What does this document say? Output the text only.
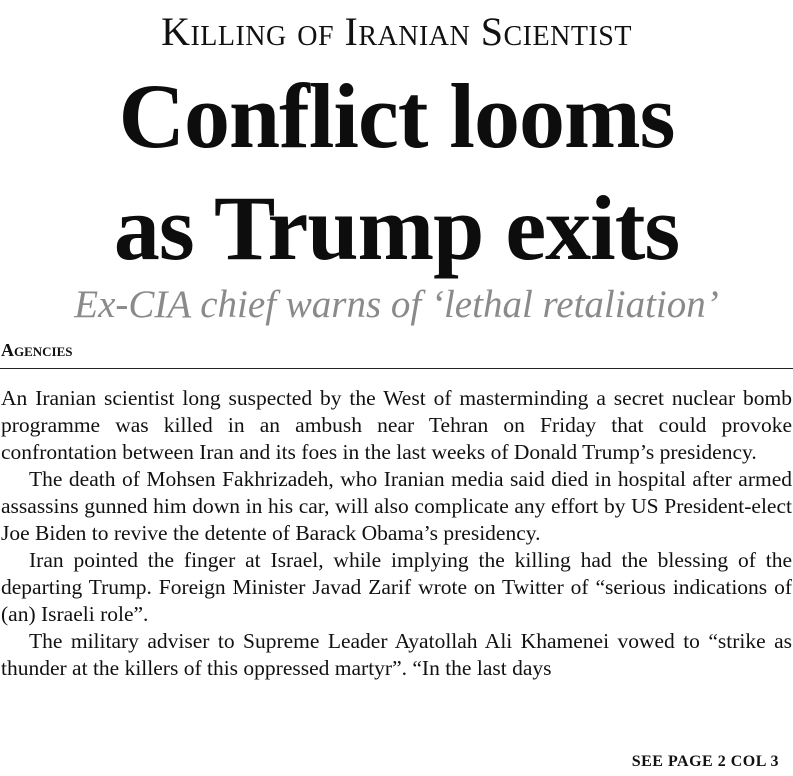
Killing of Iranian Scientist
Conflict looms
as Trump exits
Ex-CIA chief warns of ‘lethal retaliation’
Agencies

An Iranian scientist long suspected by the West of masterminding a secret nuclear bomb programme was killed in an ambush near Tehran on Friday that could provoke confrontation between Iran and its foes in the last weeks of Donald Trump’s presidency.

The death of Mohsen Fakhrizadeh, who Iranian media said died in hospital after armed assassins gunned him down in his car, will also complicate any effort by US President-elect Joe Biden to revive the detente of Barack Obama’s presidency.

Iran pointed the finger at Israel, while implying the killing had the blessing of the departing Trump. Foreign Minister Javad Zarif wrote on Twitter of “serious indications of (an) Israeli role”.

The military adviser to Supreme Leader Ayatollah Ali Khamenei vowed to “strike as thunder at the killers of this oppressed martyr”. “In the last days

SEE PAGE 2 COL 3
